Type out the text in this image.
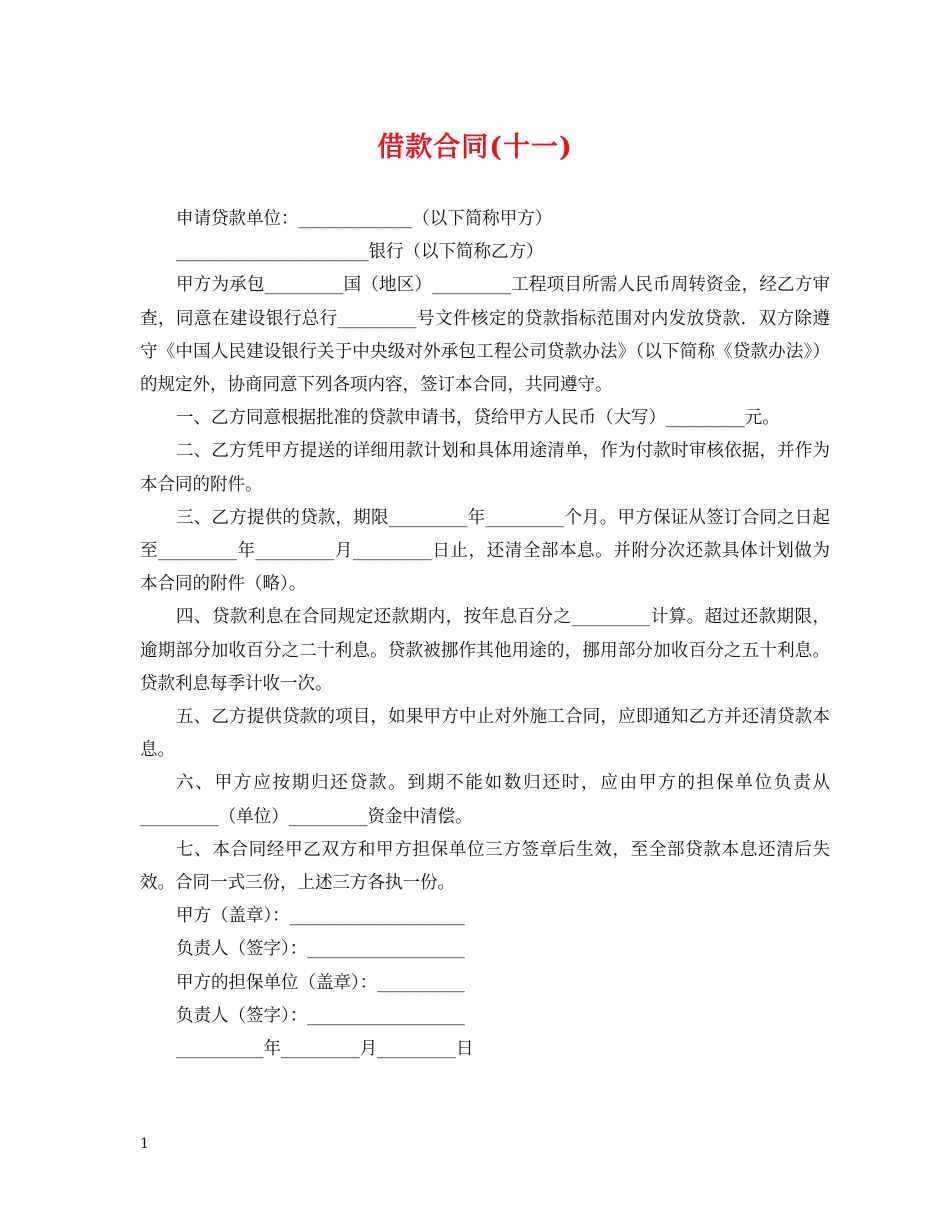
借款合同(十一)

申请贷款单位：_____________（以下简称甲方）

______________________银行（以下简称乙方）

甲方为承包_________国（地区）_________工程项目所需人民币周转资金，经乙方审查，同意在建设银行总行_________号文件核定的贷款指标范围对内发放贷款．双方除遵守《中国人民建设银行关于中央级对外承包工程公司贷款办法》（以下简称《贷款办法》）的规定外，协商同意下列各项内容，签订本合同，共同遵守。

一、乙方同意根据批准的贷款申请书，贷给甲方人民币（大写）_________元。

二、乙方凭甲方提送的详细用款计划和具体用途清单，作为付款时审核依据，并作为本合同的附件。

三、乙方提供的贷款，期限_________年_________个月。甲方保证从签订合同之日起至_________年_________月_________日止，还清全部本息。并附分次还款具体计划做为本合同的附件（略）。

四、贷款利息在合同规定还款期内，按年息百分之_________计算。超过还款期限，逾期部分加收百分之二十利息。贷款被挪作其他用途的，挪用部分加收百分之五十利息。贷款利息每季计收一次。

五、乙方提供贷款的项目，如果甲方中止对外施工合同，应即通知乙方并还清贷款本息。

六、甲方应按期归还贷款。到期不能如数归还时，应由甲方的担保单位负责从_________（单位）_________资金中清偿。

七、本合同经甲乙双方和甲方担保单位三方签章后生效，至全部贷款本息还清后失效。合同一式三份，上述三方各执一份。

甲方（盖章）：____________________

负责人（签字）：__________________

甲方的担保单位（盖章）：__________

负责人（签字）：__________________

__________年_________月_________日

1
